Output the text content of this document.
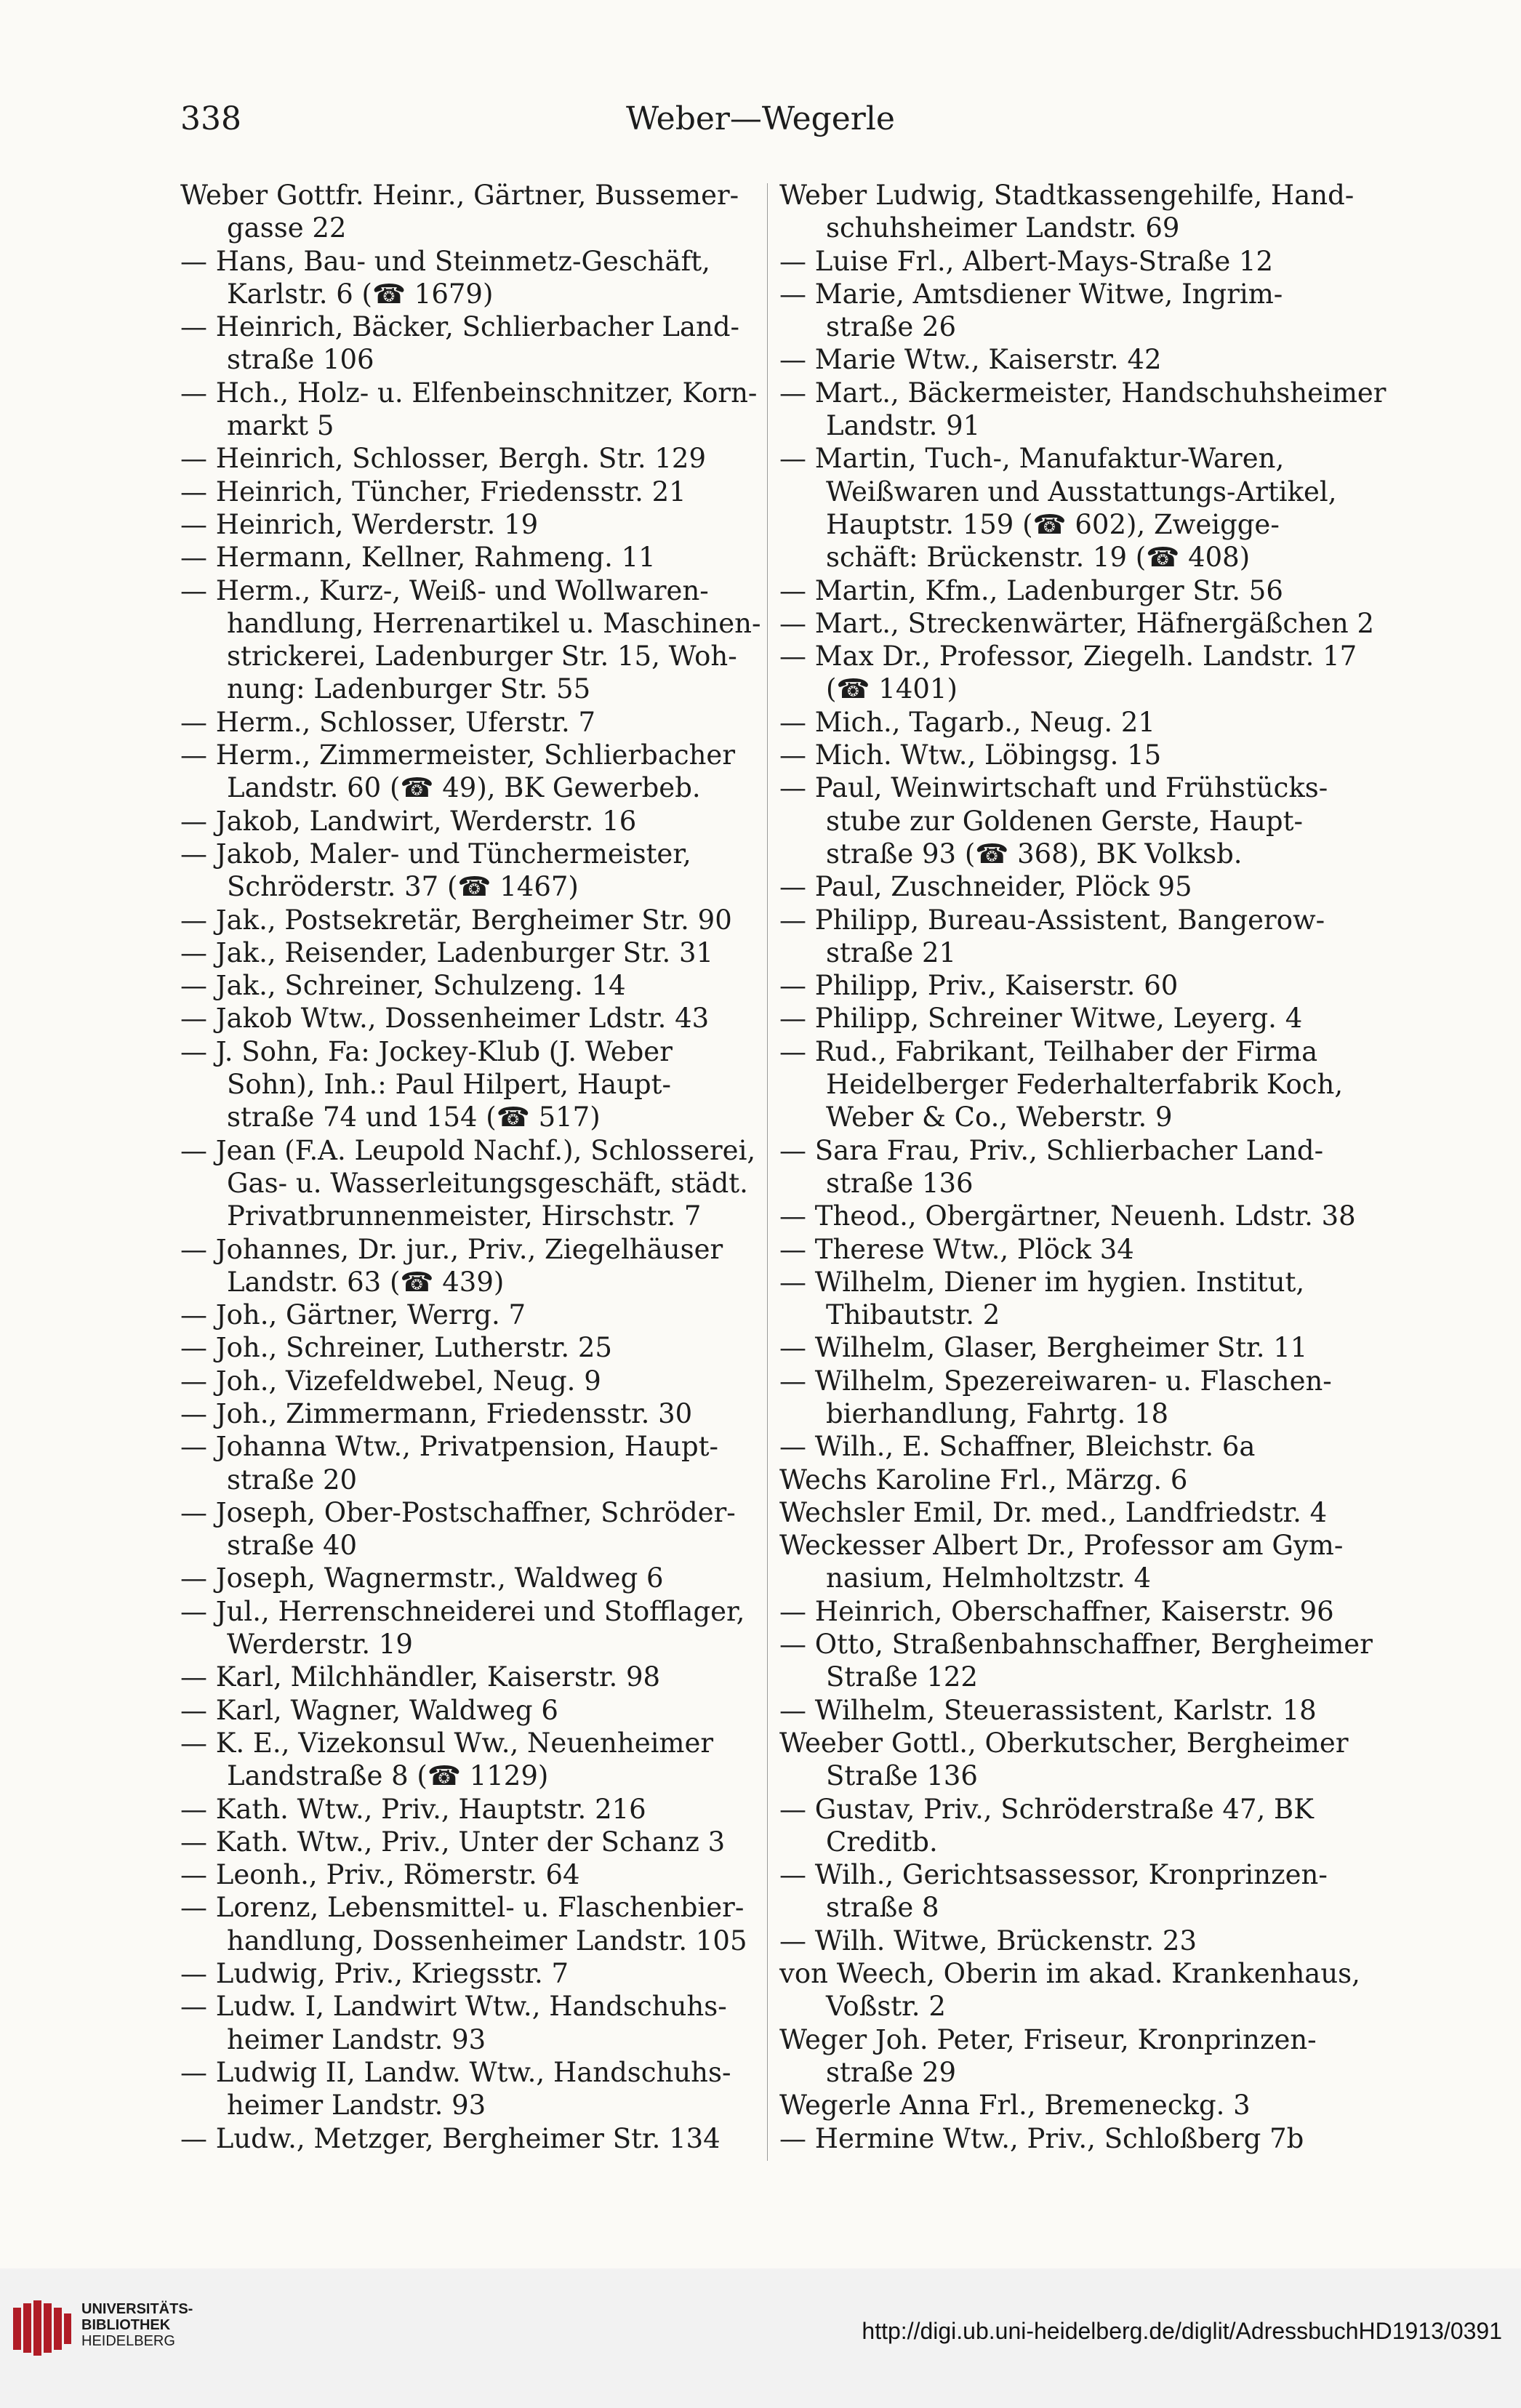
338	Weber—Wegerle
Weber Gottfr. Heinr., Gärtner, Bussemer-
gasse 22
— Hans, Bau- und Steinmetz-Geschäft,
Karlstr. 6 (☎ 1679)
— Heinrich, Bäcker, Schlierbacher Land-
straße 106
— Hch., Holz- u. Elfenbeinschnitzer, Korn-
markt 5
— Heinrich, Schlosser, Bergh. Str. 129
— Heinrich, Tüncher, Friedensstr. 21
— Heinrich, Werderstr. 19
— Hermann, Kellner, Rahmeng. 11
— Herm., Kurz-, Weiß- und Wollwaren-
handlung, Herrenartikel u. Maschinen-
strickerei, Ladenburger Str. 15, Woh-
nung: Ladenburger Str. 55
— Herm., Schlosser, Uferstr. 7
— Herm., Zimmermeister, Schlierbacher
Landstr. 60 (☎ 49), BK Gewerbeb.
— Jakob, Landwirt, Werderstr. 16
— Jakob, Maler- und Tünchermeister,
Schröderstr. 37 (☎ 1467)
— Jak., Postsekretär, Bergheimer Str. 90
— Jak., Reisender, Ladenburger Str. 31
— Jak., Schreiner, Schulzeng. 14
— Jakob Wtw., Dossenheimer Ldstr. 43
— J. Sohn, Fa: Jockey-Klub (J. Weber
Sohn), Inh.: Paul Hilpert, Haupt-
straße 74 und 154 (☎ 517)
— Jean (F.A. Leupold Nachf.), Schlosserei,
Gas- u. Wasserleitungsgeschäft, städt.
Privatbrunnenmeister, Hirschstr. 7
— Johannes, Dr. jur., Priv., Ziegelhäuser
Landstr. 63 (☎ 439)
— Joh., Gärtner, Werrg. 7
— Joh., Schreiner, Lutherstr. 25
— Joh., Vizefeldwebel, Neug. 9
— Joh., Zimmermann, Friedensstr. 30
— Johanna Wtw., Privatpension, Haupt-
straße 20
— Joseph, Ober-Postschaffner, Schröder-
straße 40
— Joseph, Wagnermstr., Waldweg 6
— Jul., Herrenschneiderei und Stofflager,
Werderstr. 19
— Karl, Milchhändler, Kaiserstr. 98
— Karl, Wagner, Waldweg 6
— K. E., Vizekonsul Ww., Neuenheimer
Landstraße 8 (☎ 1129)
— Kath. Wtw., Priv., Hauptstr. 216
— Kath. Wtw., Priv., Unter der Schanz 3
— Leonh., Priv., Römerstr. 64
— Lorenz, Lebensmittel- u. Flaschenbier-
handlung, Dossenheimer Landstr. 105
— Ludwig, Priv., Kriegsstr. 7
— Ludw. I, Landwirt Wtw., Handschuhs-
heimer Landstr. 93
— Ludwig II, Landw. Wtw., Handschuhs-
heimer Landstr. 93
— Ludw., Metzger, Bergheimer Str. 134
Weber Ludwig, Stadtkassengehilfe, Hand-
schuhsheimer Landstr. 69
— Luise Frl., Albert-Mays-Straße 12
— Marie, Amtsdiener Witwe, Ingrim-
straße 26
— Marie Wtw., Kaiserstr. 42
— Mart., Bäckermeister, Handschuhsheimer
Landstr. 91
— Martin, Tuch-, Manufaktur-Waren,
Weißwaren und Ausstattungs-Artikel,
Hauptstr. 159 (☎ 602), Zweigge-
schäft: Brückenstr. 19 (☎ 408)
— Martin, Kfm., Ladenburger Str. 56
— Mart., Streckenwärter, Häfnergäßchen 2
— Max Dr., Professor, Ziegelh. Landstr. 17
(☎ 1401)
— Mich., Tagarb., Neug. 21
— Mich. Wtw., Löbingsg. 15
— Paul, Weinwirtschaft und Frühstücks-
stube zur Goldenen Gerste, Haupt-
straße 93 (☎ 368), BK Volksb.
— Paul, Zuschneider, Plöck 95
— Philipp, Bureau-Assistent, Bangerow-
straße 21
— Philipp, Priv., Kaiserstr. 60
— Philipp, Schreiner Witwe, Leyerg. 4
— Rud., Fabrikant, Teilhaber der Firma
Heidelberger Federhalterfabrik Koch,
Weber & Co., Weberstr. 9
— Sara Frau, Priv., Schlierbacher Land-
straße 136
— Theod., Obergärtner, Neuenh. Ldstr. 38
— Therese Wtw., Plöck 34
— Wilhelm, Diener im hygien. Institut,
Thibautstr. 2
— Wilhelm, Glaser, Bergheimer Str. 11
— Wilhelm, Spezereiwaren- u. Flaschen-
bierhandlung, Fahrtg. 18
— Wilh., E. Schaffner, Bleichstr. 6a
Wechs Karoline Frl., Märzg. 6
Wechsler Emil, Dr. med., Landfriedstr. 4
Weckesser Albert Dr., Professor am Gym-
nasium, Helmholtzstr. 4
— Heinrich, Oberschaffner, Kaiserstr. 96
— Otto, Straßenbahnschaffner, Bergheimer
Straße 122
— Wilhelm, Steuerassistent, Karlstr. 18
Weeber Gottl., Oberkutscher, Bergheimer
Straße 136
— Gustav, Priv., Schröderstraße 47, BK
Creditb.
— Wilh., Gerichtsassessor, Kronprinzen-
straße 8
— Wilh. Witwe, Brückenstr. 23
von Weech, Oberin im akad. Krankenhaus,
Voßstr. 2
Weger Joh. Peter, Friseur, Kronprinzen-
straße 29
Wegerle Anna Frl., Bremeneckg. 3
— Hermine Wtw., Priv., Schloßberg 7b
UNIVERSITÄTS-
BIBLIOTHEK
HEIDELBERG	http://digi.ub.uni-heidelberg.de/diglit/AdressbuchHD1913/0391
